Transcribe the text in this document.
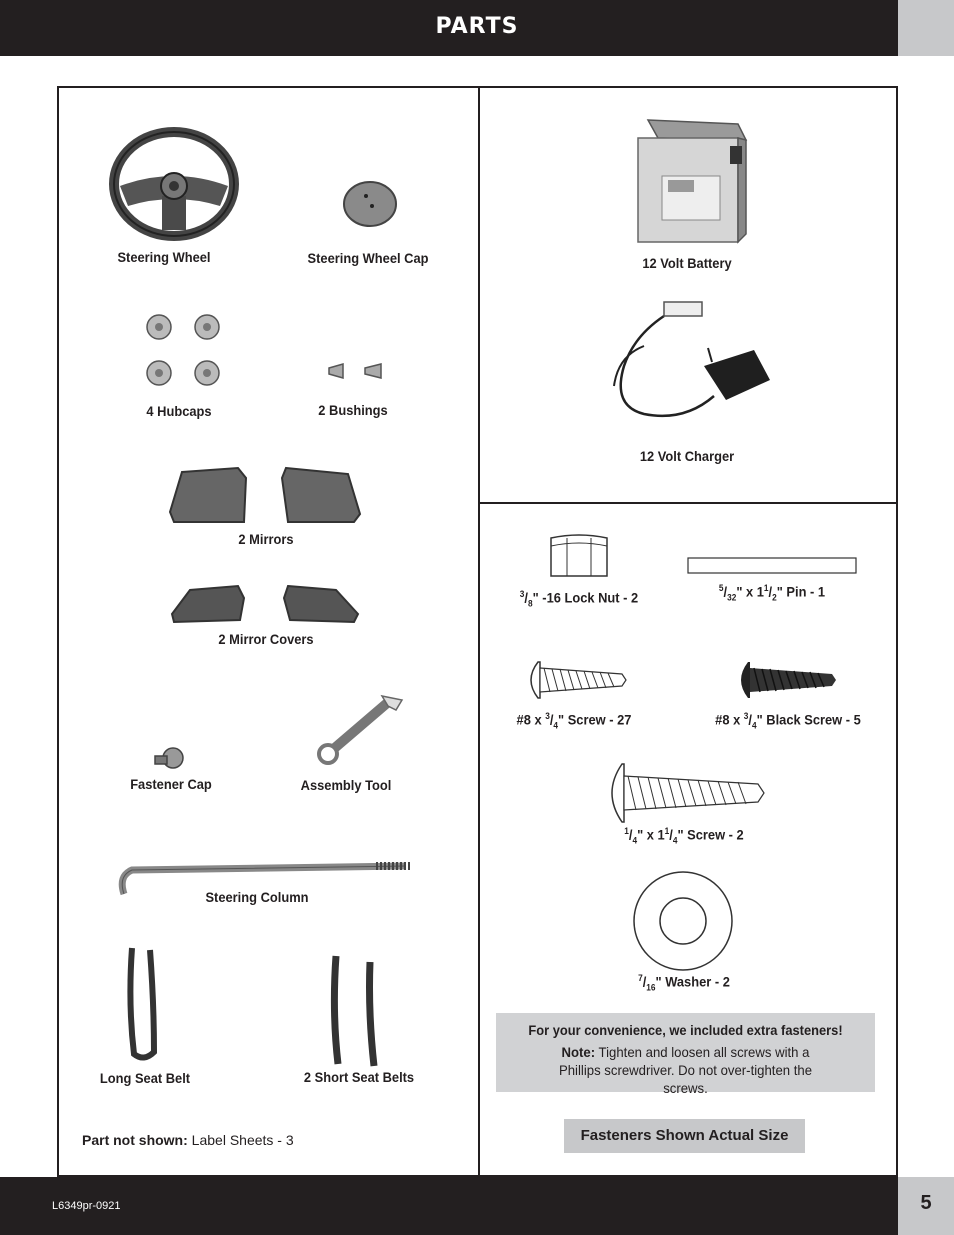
PARTS
Steering Wheel	Steering Wheel Cap
4 Hubcaps	2 Bushings
2 Mirrors
2 Mirror Covers
Fastener Cap	Assembly Tool
Steering Column
Long Seat Belt	2 Short Seat Belts
Part not shown: Label Sheets - 3
12 Volt Battery
12 Volt Charger
$^3/_8$" -16 Lock Nut - 2
$^5/_{32}$" x $1^1/_2$" Pin - 1
#8 x $^3/_4$" Screw - 27	#8 x $^3/_4$" Black Screw - 5
$^1/_4$" x $1^1/_4$" Screw - 2
$^7/_{16}$" Washer - 2
For your convenience, we included extra fasteners!
Note: Tighten and loosen all screws with a Phillips screwdriver. Do not over-tighten the screws.
Fasteners Shown Actual Size
L6349pr-0921	5
